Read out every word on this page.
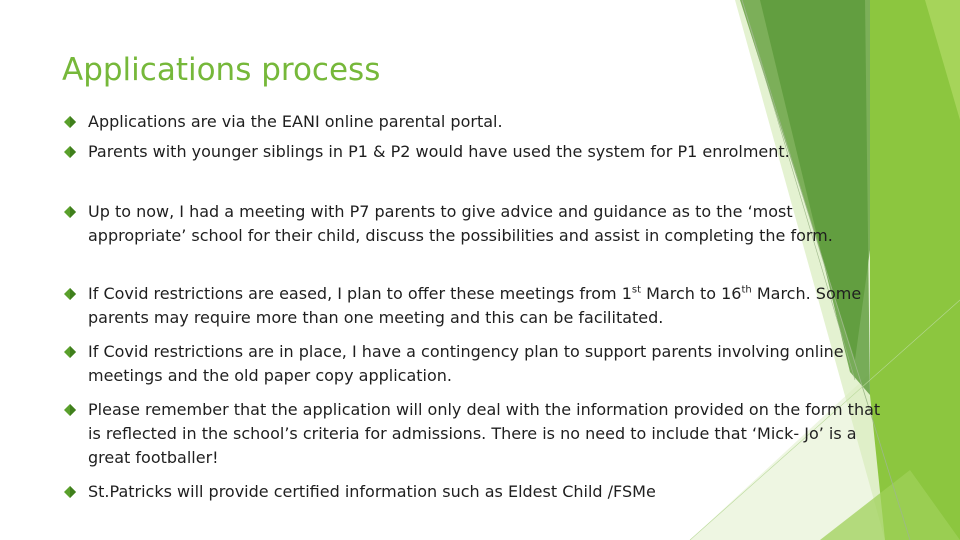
Applications process
Applications are via the EANI online parental portal.
Parents with younger siblings in P1 & P2 would have used the system for P1 enrolment.
Up to now, I had a meeting with P7 parents to give advice and guidance as to the ‘most appropriate’ school for their child, discuss the possibilities and assist in completing the form.
If Covid restrictions are eased, I plan to offer these meetings from 1st March to 16th March. Some parents may require more than one meeting and this can be facilitated.
If Covid restrictions are in place, I have a contingency plan to support parents involving online meetings and the old paper copy application.
Please remember that the application will only deal with the information provided on the form that is reflected in the school’s criteria for admissions. There is no need to include that ‘Mick- Jo’ is a great footballer!
St.Patricks will provide certified information such as Eldest Child /FSMe
